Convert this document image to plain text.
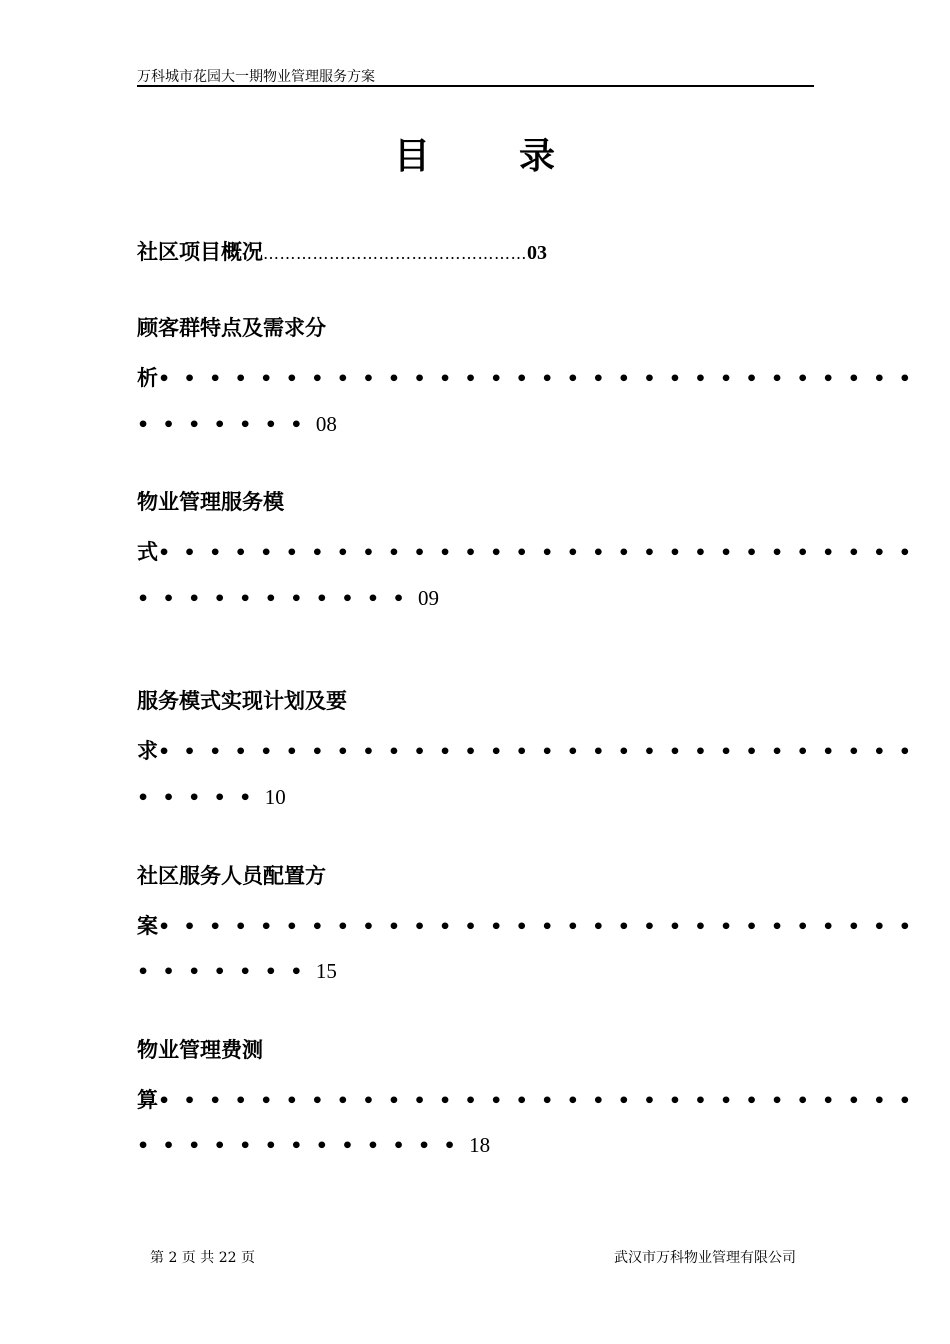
万科城市花园大一期物业管理服务方案
目 录
社区项目概况…………………………………………03
顾客群特点及需求分
析••••••••••••••••••••••••••••••
•••••••08
物业管理服务模
式••••••••••••••••••••••••••••••
•••••••••••09
服务模式实现计划及要
求••••••••••••••••••••••••••••••
•••••10
社区服务人员配置方
案••••••••••••••••••••••••••••••
•••••••15
物业管理费测
算••••••••••••••••••••••••••••••
•••••••••••••18
第 2 页 共 22 页	武汉市万科物业管理有限公司
